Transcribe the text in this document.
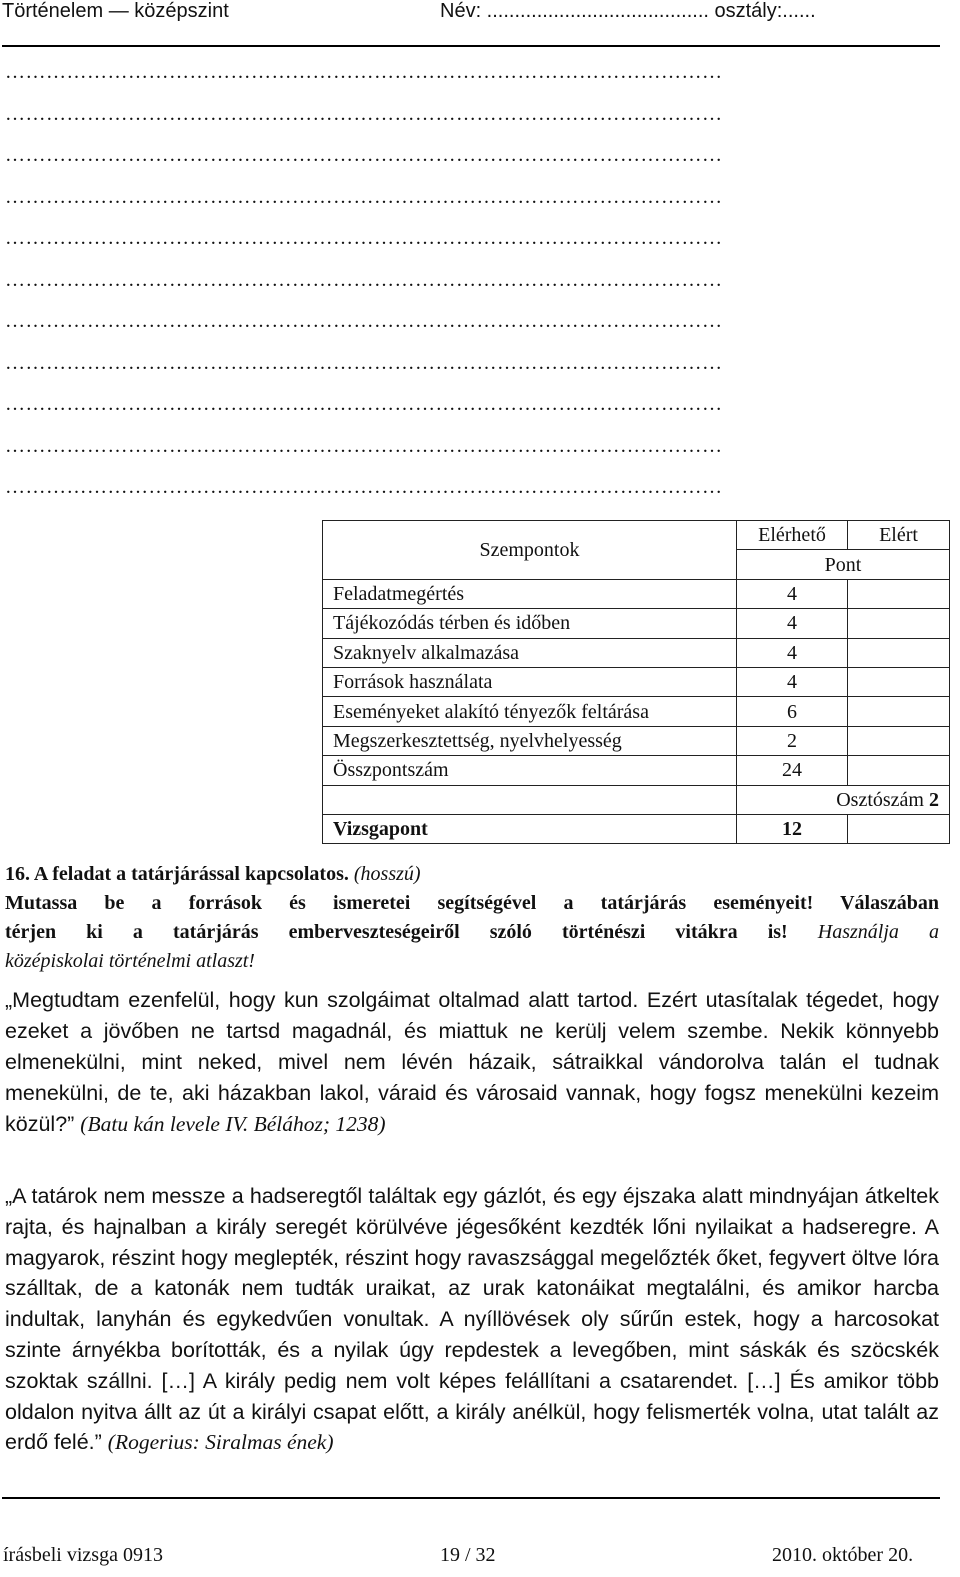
Történelem — középszint	Név: ........................................ osztály:......
……………………………………………………………………………………………
……………………………………………………………………………………………
……………………………………………………………………………………………
……………………………………………………………………………………………
……………………………………………………………………………………………
……………………………………………………………………………………………
……………………………………………………………………………………………
……………………………………………………………………………………………
……………………………………………………………………………………………
……………………………………………………………………………………………
……………………………………………………………………………………………
Szempontok	Elérhető	Elért
	Pont	
Feladatmegértés	4	
Tájékozódás térben és időben	4	
Szaknyelv alkalmazása	4	
Források használata	4	
Eseményeket alakító tényezők feltárása	6	
Megszerkesztettség, nyelvhelyesség	2	
Összpontszám	24	
	Osztószám 2	
Vizsgapont	12	
16. A feladat a tatárjárással kapcsolatos. (hosszú)
Mutassa be a források és ismeretei segítségével a tatárjárás eseményeit! Válaszában
térjen ki a tatárjárás emberveszteségeiről szóló történészi vitákra is! Használja a
középiskolai történelmi atlaszt!
„Megtudtam ezenfelül, hogy kun szolgáimat oltalmad alatt tartod. Ezért utasítalak tégedet, hogy ezeket a jövőben ne tartsd magadnál, és miattuk ne kerülj velem szembe. Nekik könnyebb elmenekülni, mint neked, mivel nem lévén házaik, sátraikkal vándorolva talán el tudnak menekülni, de te, aki házakban lakol, váraid és városaid vannak, hogy fogsz menekülni kezeim közül?” (Batu kán levele IV. Bélához; 1238)
„A tatárok nem messze a hadseregtől találtak egy gázlót, és egy éjszaka alatt mindnyájan átkeltek rajta, és hajnalban a király seregét körülvéve jégesőként kezdték lőni nyilaikat a hadseregre. A magyarok, részint hogy meglepték, részint hogy ravaszsággal megelőzték őket, fegyvert öltve lóra szálltak, de a katonák nem tudták uraikat, az urak katonáikat megtalálni, és amikor harcba indultak, lanyhán és egykedvűen vonultak. A nyíllövések oly sűrűn estek, hogy a harcosokat szinte árnyékba borították, és a nyilak úgy repdestek a levegőben, mint sáskák és szöcskék szoktak szállni. […] A király pedig nem volt képes felállítani a csatarendet. […] És amikor több oldalon nyitva állt az út a királyi csapat előtt, a király anélkül, hogy felismerték volna, utat talált az erdő felé.” (Rogerius: Siralmas ének)
írásbeli vizsga 0913	19 / 32	2010. október 20.
